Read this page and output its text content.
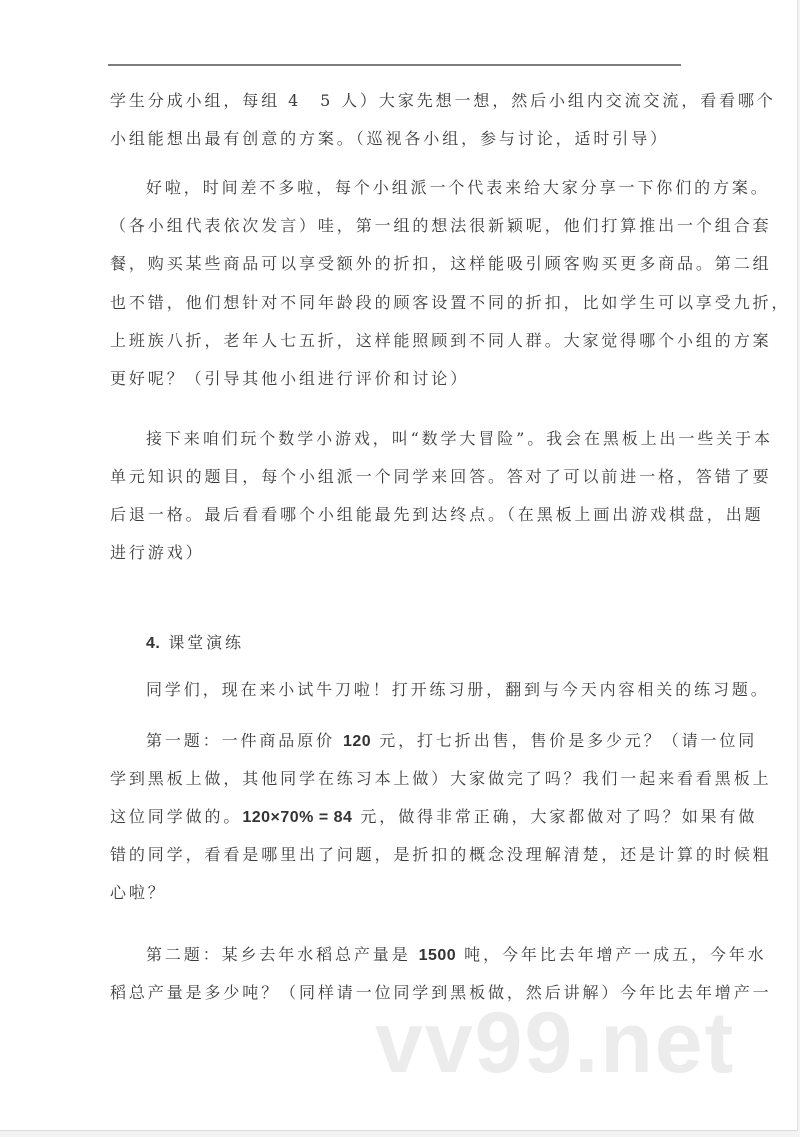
学生分成小组，每组 4　5 人）大家先想一想，然后小组内交流交流，看看哪个
小组能想出最有创意的方案。（巡视各小组，参与讨论，适时引导）
好啦，时间差不多啦，每个小组派一个代表来给大家分享一下你们的方案。
（各小组代表依次发言）哇，第一组的想法很新颖呢，他们打算推出一个组合套
餐，购买某些商品可以享受额外的折扣，这样能吸引顾客购买更多商品。第二组
也不错，他们想针对不同年龄段的顾客设置不同的折扣，比如学生可以享受九折，
上班族八折，老年人七五折，这样能照顾到不同人群。大家觉得哪个小组的方案
更好呢？（引导其他小组进行评价和讨论）
接下来咱们玩个数学小游戏，叫“数学大冒险”。我会在黑板上出一些关于本
单元知识的题目，每个小组派一个同学来回答。答对了可以前进一格，答错了要
后退一格。最后看看哪个小组能最先到达终点。（在黑板上画出游戏棋盘，出题
进行游戏）
4. 课堂演练
同学们，现在来小试牛刀啦！打开练习册，翻到与今天内容相关的练习题。
第一题：一件商品原价 120 元，打七折出售，售价是多少元？（请一位同
学到黑板上做，其他同学在练习本上做）大家做完了吗？我们一起来看看黑板上
这位同学做的。120×70% = 84 元，做得非常正确，大家都做对了吗？如果有做
错的同学，看看是哪里出了问题，是折扣的概念没理解清楚，还是计算的时候粗
心啦？
第二题：某乡去年水稻总产量是 1500 吨，今年比去年增产一成五，今年水
稻总产量是多少吨？（同样请一位同学到黑板做，然后讲解）今年比去年增产一
vv99.net
